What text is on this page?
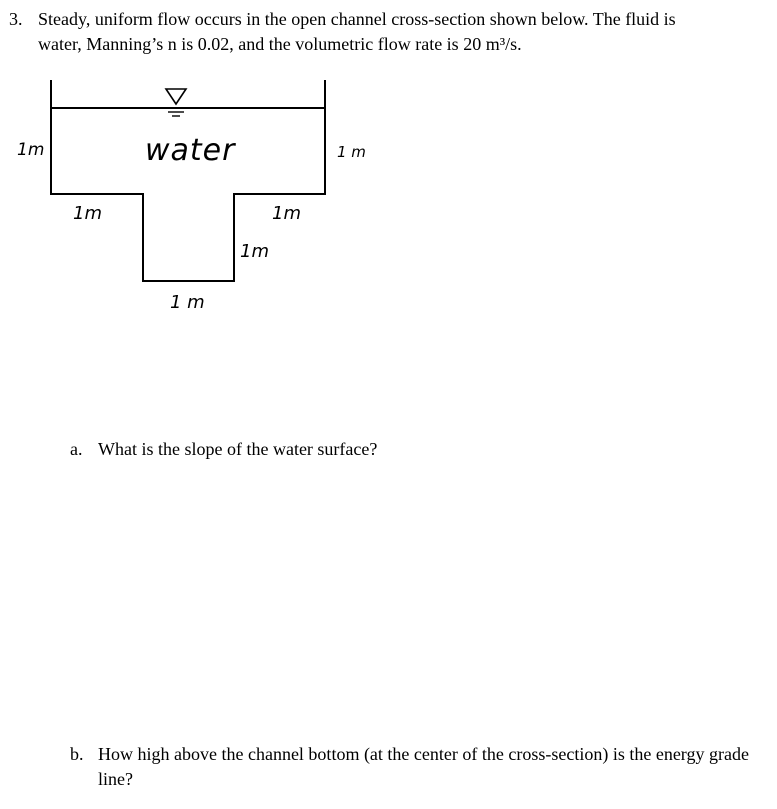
3. Steady, uniform flow occurs in the open channel cross-section shown below. The fluid is
water, Manning’s n is 0.02, and the volumetric flow rate is 20 m³/s.
water
1m	1 m
1m	1m
1m
1 m
a. What is the slope of the water surface?
b. How high above the channel bottom (at the center of the cross-section) is the energy grade line?
